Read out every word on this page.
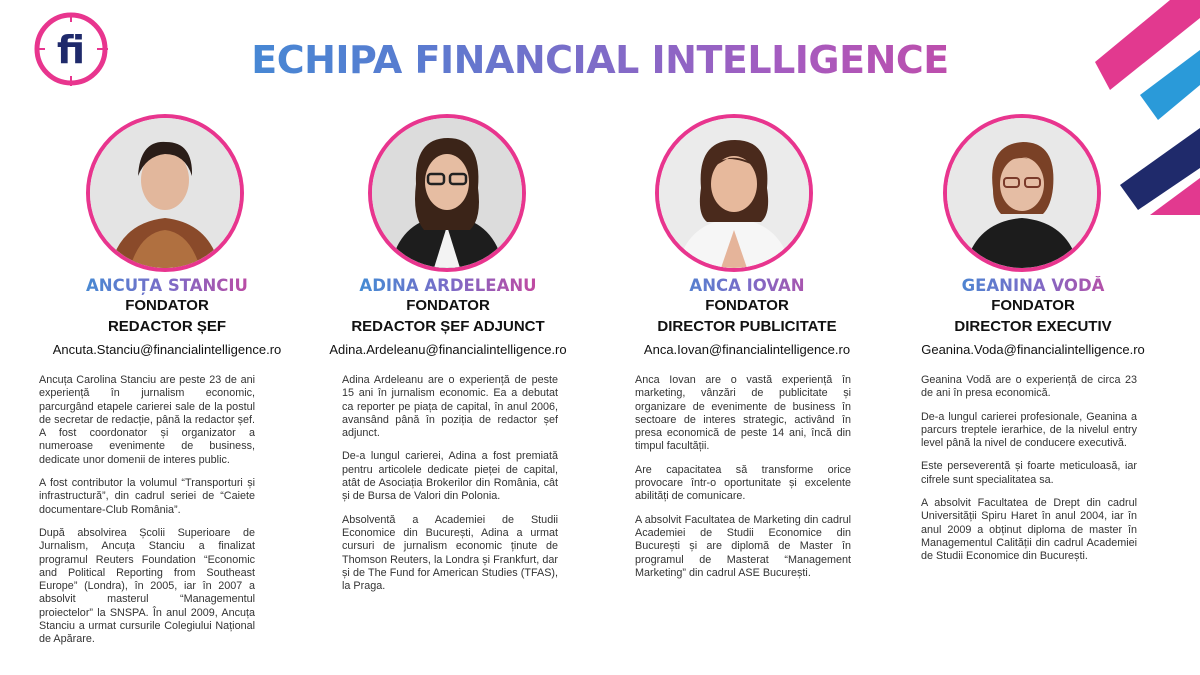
ECHIPA FINANCIAL INTELLIGENCE
ANCUȚA STANCIU
FONDATOR
REDACTOR ȘEF
Ancuta.Stanciu@financialintelligence.ro

Ancuța Carolina Stanciu are peste 23 de ani experiență în jurnalism economic, parcurgând etapele carierei sale de la postul de secretar de redacție, până la redactor șef. A fost coordonator și organizator a numeroase evenimente de business, dedicate unor domenii de interes public.

A fost contributor la volumul “Transporturi și infrastructură”, din cadrul seriei de “Caiete documentare-Club România”.

După absolvirea Școlii Superioare de Jurnalism, Ancuța Stanciu a finalizat programul Reuters Foundation “Economic and Political Reporting from Southeast Europe” (Londra), în 2005, iar în 2007 a absolvit masterul “Managementul proiectelor” la SNSPA. În anul 2009, Ancuța Stanciu a urmat cursurile Colegiului Național de Apărare.

ADINA ARDELEANU
FONDATOR
REDACTOR ȘEF ADJUNCT
Adina.Ardeleanu@financialintelligence.ro

Adina Ardeleanu are o experiență de peste 15 ani în jurnalism economic. Ea a debutat ca reporter pe piața de capital, în anul 2006, avansând până în poziția de redactor șef adjunct.

De-a lungul carierei, Adina a fost premiată pentru articolele dedicate pieței de capital, atât de Asociația Brokerilor din România, cât și de Bursa de Valori din Polonia.

Absolventă a Academiei de Studii Economice din București, Adina a urmat cursuri de jurnalism economic ținute de Thomson Reuters, la Londra și Frankfurt, dar și de The Fund for American Studies (TFAS), la Praga.

ANCA IOVAN
FONDATOR
DIRECTOR PUBLICITATE
Anca.Iovan@financialintelligence.ro

Anca Iovan are o vastă experiență în marketing, vânzări de publicitate și organizare de evenimente de business în sectoare de interes strategic, activând în presa economică de peste 14 ani, încă din timpul facultății.

Are capacitatea să transforme orice provocare într-o oportunitate și excelente abilități de comunicare.

A absolvit Facultatea de Marketing din cadrul Academiei de Studii Economice din București și are diplomă de Master în programul de Masterat “Management Marketing” din cadrul ASE București.

GEANINA VODĂ
FONDATOR
DIRECTOR EXECUTIV
Geanina.Voda@financialintelligence.ro

Geanina Vodă are o experiență de circa 23 de ani în presa economică.

De-a lungul carierei profesionale, Geanina a parcurs treptele ierarhice, de la nivelul entry level până la nivel de conducere executivă.

Este perseverentă și foarte meticuloasă, iar cifrele sunt specialitatea sa.

A absolvit Facultatea de Drept din cadrul Universității Spiru Haret în anul 2004, iar în anul 2009 a obținut diploma de master în Managementul Calității din cadrul Academiei de Studii Economice din București.
